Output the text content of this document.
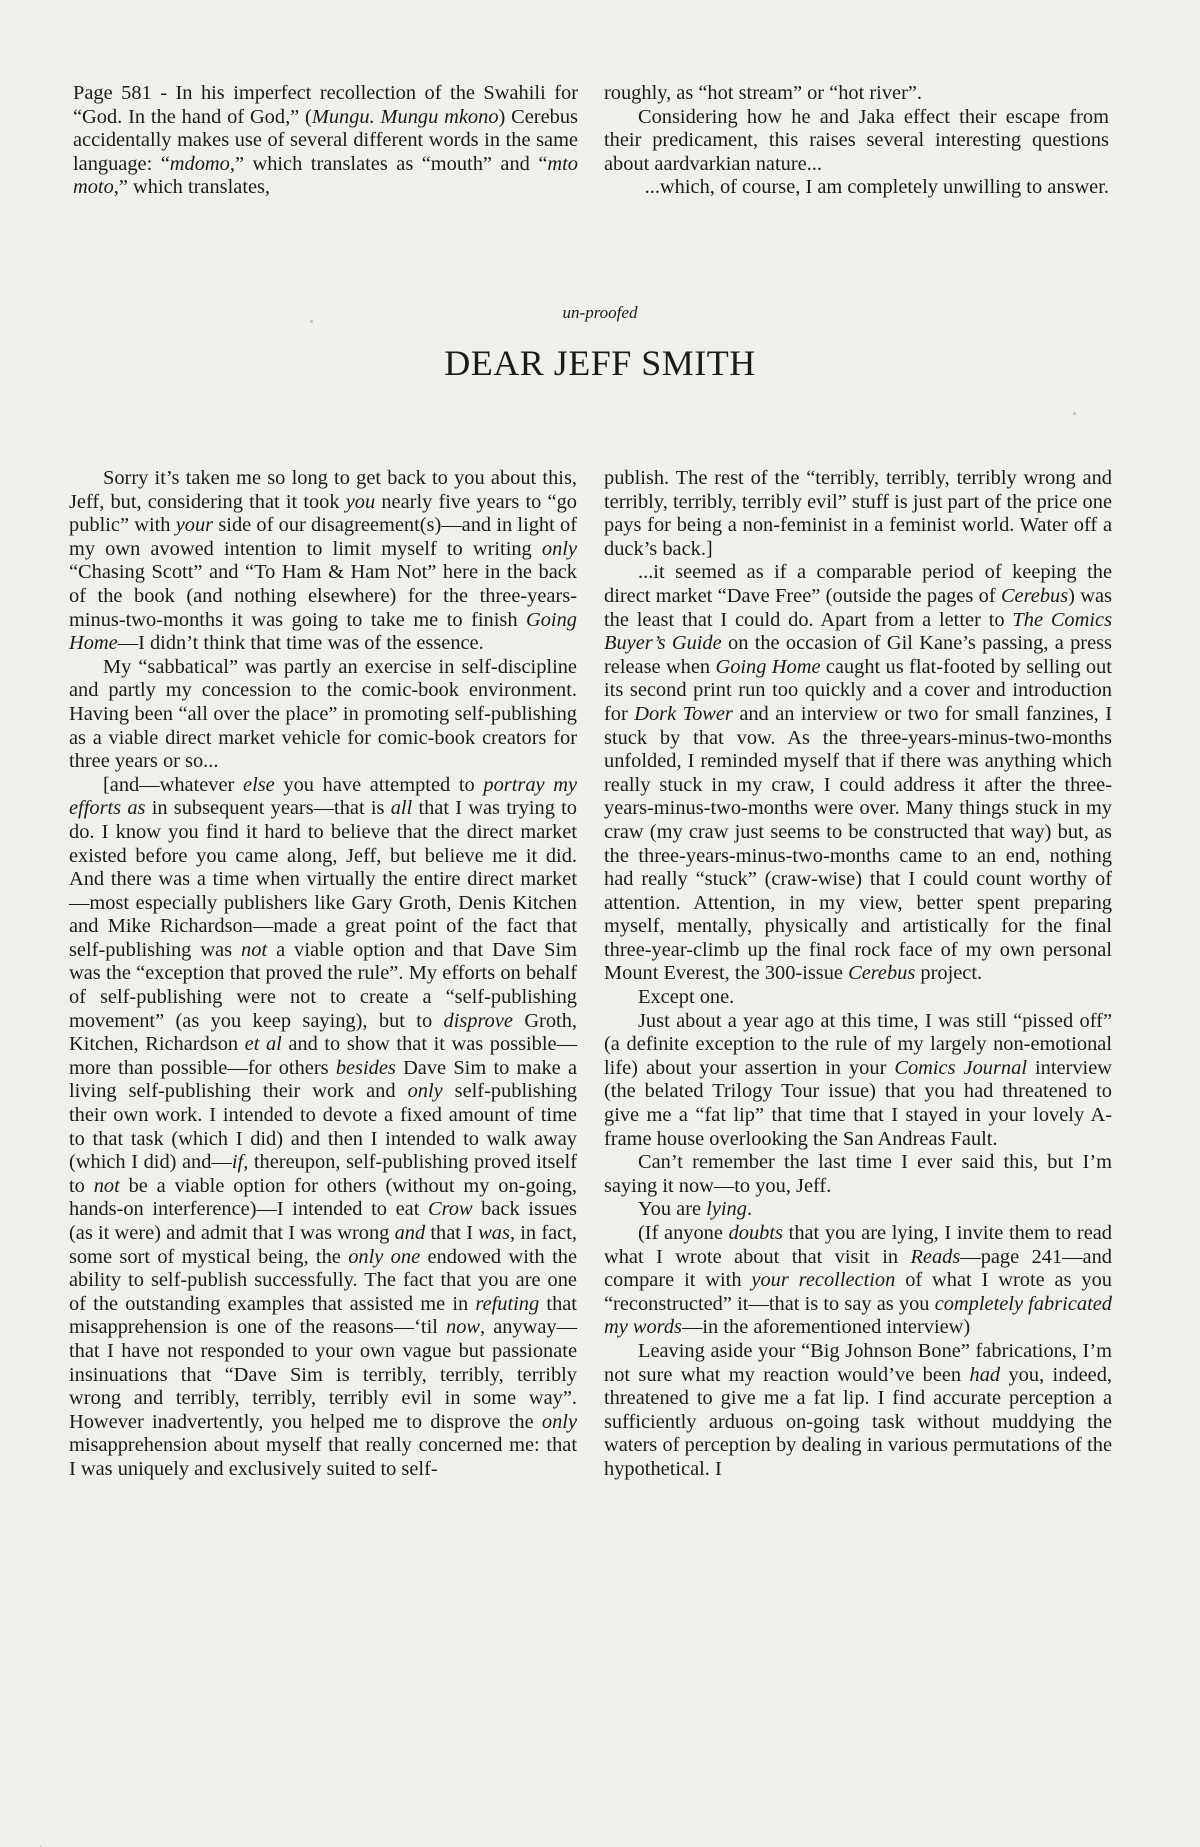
Page 581 - In his imperfect recollection of the Swahili for “God. In the hand of God,” (Mungu. Mungu mkono) Cerebus accidentally makes use of several different words in the same language: “mdomo,” which translates as “mouth” and “mto moto,” which translates,

roughly, as “hot stream” or “hot river”.

Considering how he and Jaka effect their escape from their predicament, this raises several interesting questions about aardvarkian nature...

...which, of course, I am completely unwilling to answer.

un-proofed
DEAR JEFF SMITH

Sorry it’s taken me so long to get back to you about this, Jeff, but, considering that it took you nearly five years to “go public” with your side of our disagreement(s)—and in light of my own avowed intention to limit myself to writing only “Chasing Scott” and “To Ham & Ham Not” here in the back of the book (and nothing elsewhere) for the three-years-minus-two-months it was going to take me to finish Going Home—I didn’t think that time was of the essence.

My “sabbatical” was partly an exercise in self-discipline and partly my concession to the comic-book environment. Having been “all over the place” in promoting self-publishing as a viable direct market vehicle for comic-book creators for three years or so...

[and—whatever else you have attempted to portray my efforts as in subsequent years—that is all that I was trying to do. I know you find it hard to believe that the direct market existed before you came along, Jeff, but believe me it did. And there was a time when virtually the entire direct market—most especially publishers like Gary Groth, Denis Kitchen and Mike Richardson—made a great point of the fact that self-publishing was not a viable option and that Dave Sim was the “exception that proved the rule”. My efforts on behalf of self-publishing were not to create a “self-publishing movement” (as you keep saying), but to disprove Groth, Kitchen, Richardson et al and to show that it was possible—more than possible—for others besides Dave Sim to make a living self-publishing their work and only self-publishing their own work. I intended to devote a fixed amount of time to that task (which I did) and then I intended to walk away (which I did) and—if, thereupon, self-publishing proved itself to not be a viable option for others (without my on-going, hands-on interference)—I intended to eat Crow back issues (as it were) and admit that I was wrong and that I was, in fact, some sort of mystical being, the only one endowed with the ability to self-publish successfully. The fact that you are one of the outstanding examples that assisted me in refuting that misapprehension is one of the reasons—‘til now, anyway—that I have not responded to your own vague but passionate insinuations that “Dave Sim is terribly, terribly, terribly wrong and terribly, terribly, terribly evil in some way”. However inadvertently, you helped me to disprove the only misapprehension about myself that really concerned me: that I was uniquely and exclusively suited to self-

publish. The rest of the “terribly, terribly, terribly wrong and terribly, terribly, terribly evil” stuff is just part of the price one pays for being a non-feminist in a feminist world. Water off a duck’s back.]

...it seemed as if a comparable period of keeping the direct market “Dave Free” (outside the pages of Cerebus) was the least that I could do. Apart from a letter to The Comics Buyer’s Guide on the occasion of Gil Kane’s passing, a press release when Going Home caught us flat-footed by selling out its second print run too quickly and a cover and introduction for Dork Tower and an interview or two for small fanzines, I stuck by that vow. As the three-years-minus-two-months unfolded, I reminded myself that if there was anything which really stuck in my craw, I could address it after the three-years-minus-two-months were over. Many things stuck in my craw (my craw just seems to be constructed that way) but, as the three-years-minus-two-months came to an end, nothing had really “stuck” (craw-wise) that I could count worthy of attention. Attention, in my view, better spent preparing myself, mentally, physically and artistically for the final three-year-climb up the final rock face of my own personal Mount Everest, the 300-issue Cerebus project.

Except one.

Just about a year ago at this time, I was still “pissed off” (a definite exception to the rule of my largely non-emotional life) about your assertion in your Comics Journal interview (the belated Trilogy Tour issue) that you had threatened to give me a “fat lip” that time that I stayed in your lovely A-frame house overlooking the San Andreas Fault.

Can’t remember the last time I ever said this, but I’m saying it now—to you, Jeff.

You are lying.

(If anyone doubts that you are lying, I invite them to read what I wrote about that visit in Reads—page 241—and compare it with your recollection of what I wrote as you “reconstructed” it—that is to say as you completely fabricated my words—in the aforementioned interview)

Leaving aside your “Big Johnson Bone” fabrications, I’m not sure what my reaction would’ve been had you, indeed, threatened to give me a fat lip. I find accurate perception a sufficiently arduous on-going task without muddying the waters of perception by dealing in various permutations of the hypothetical. I
